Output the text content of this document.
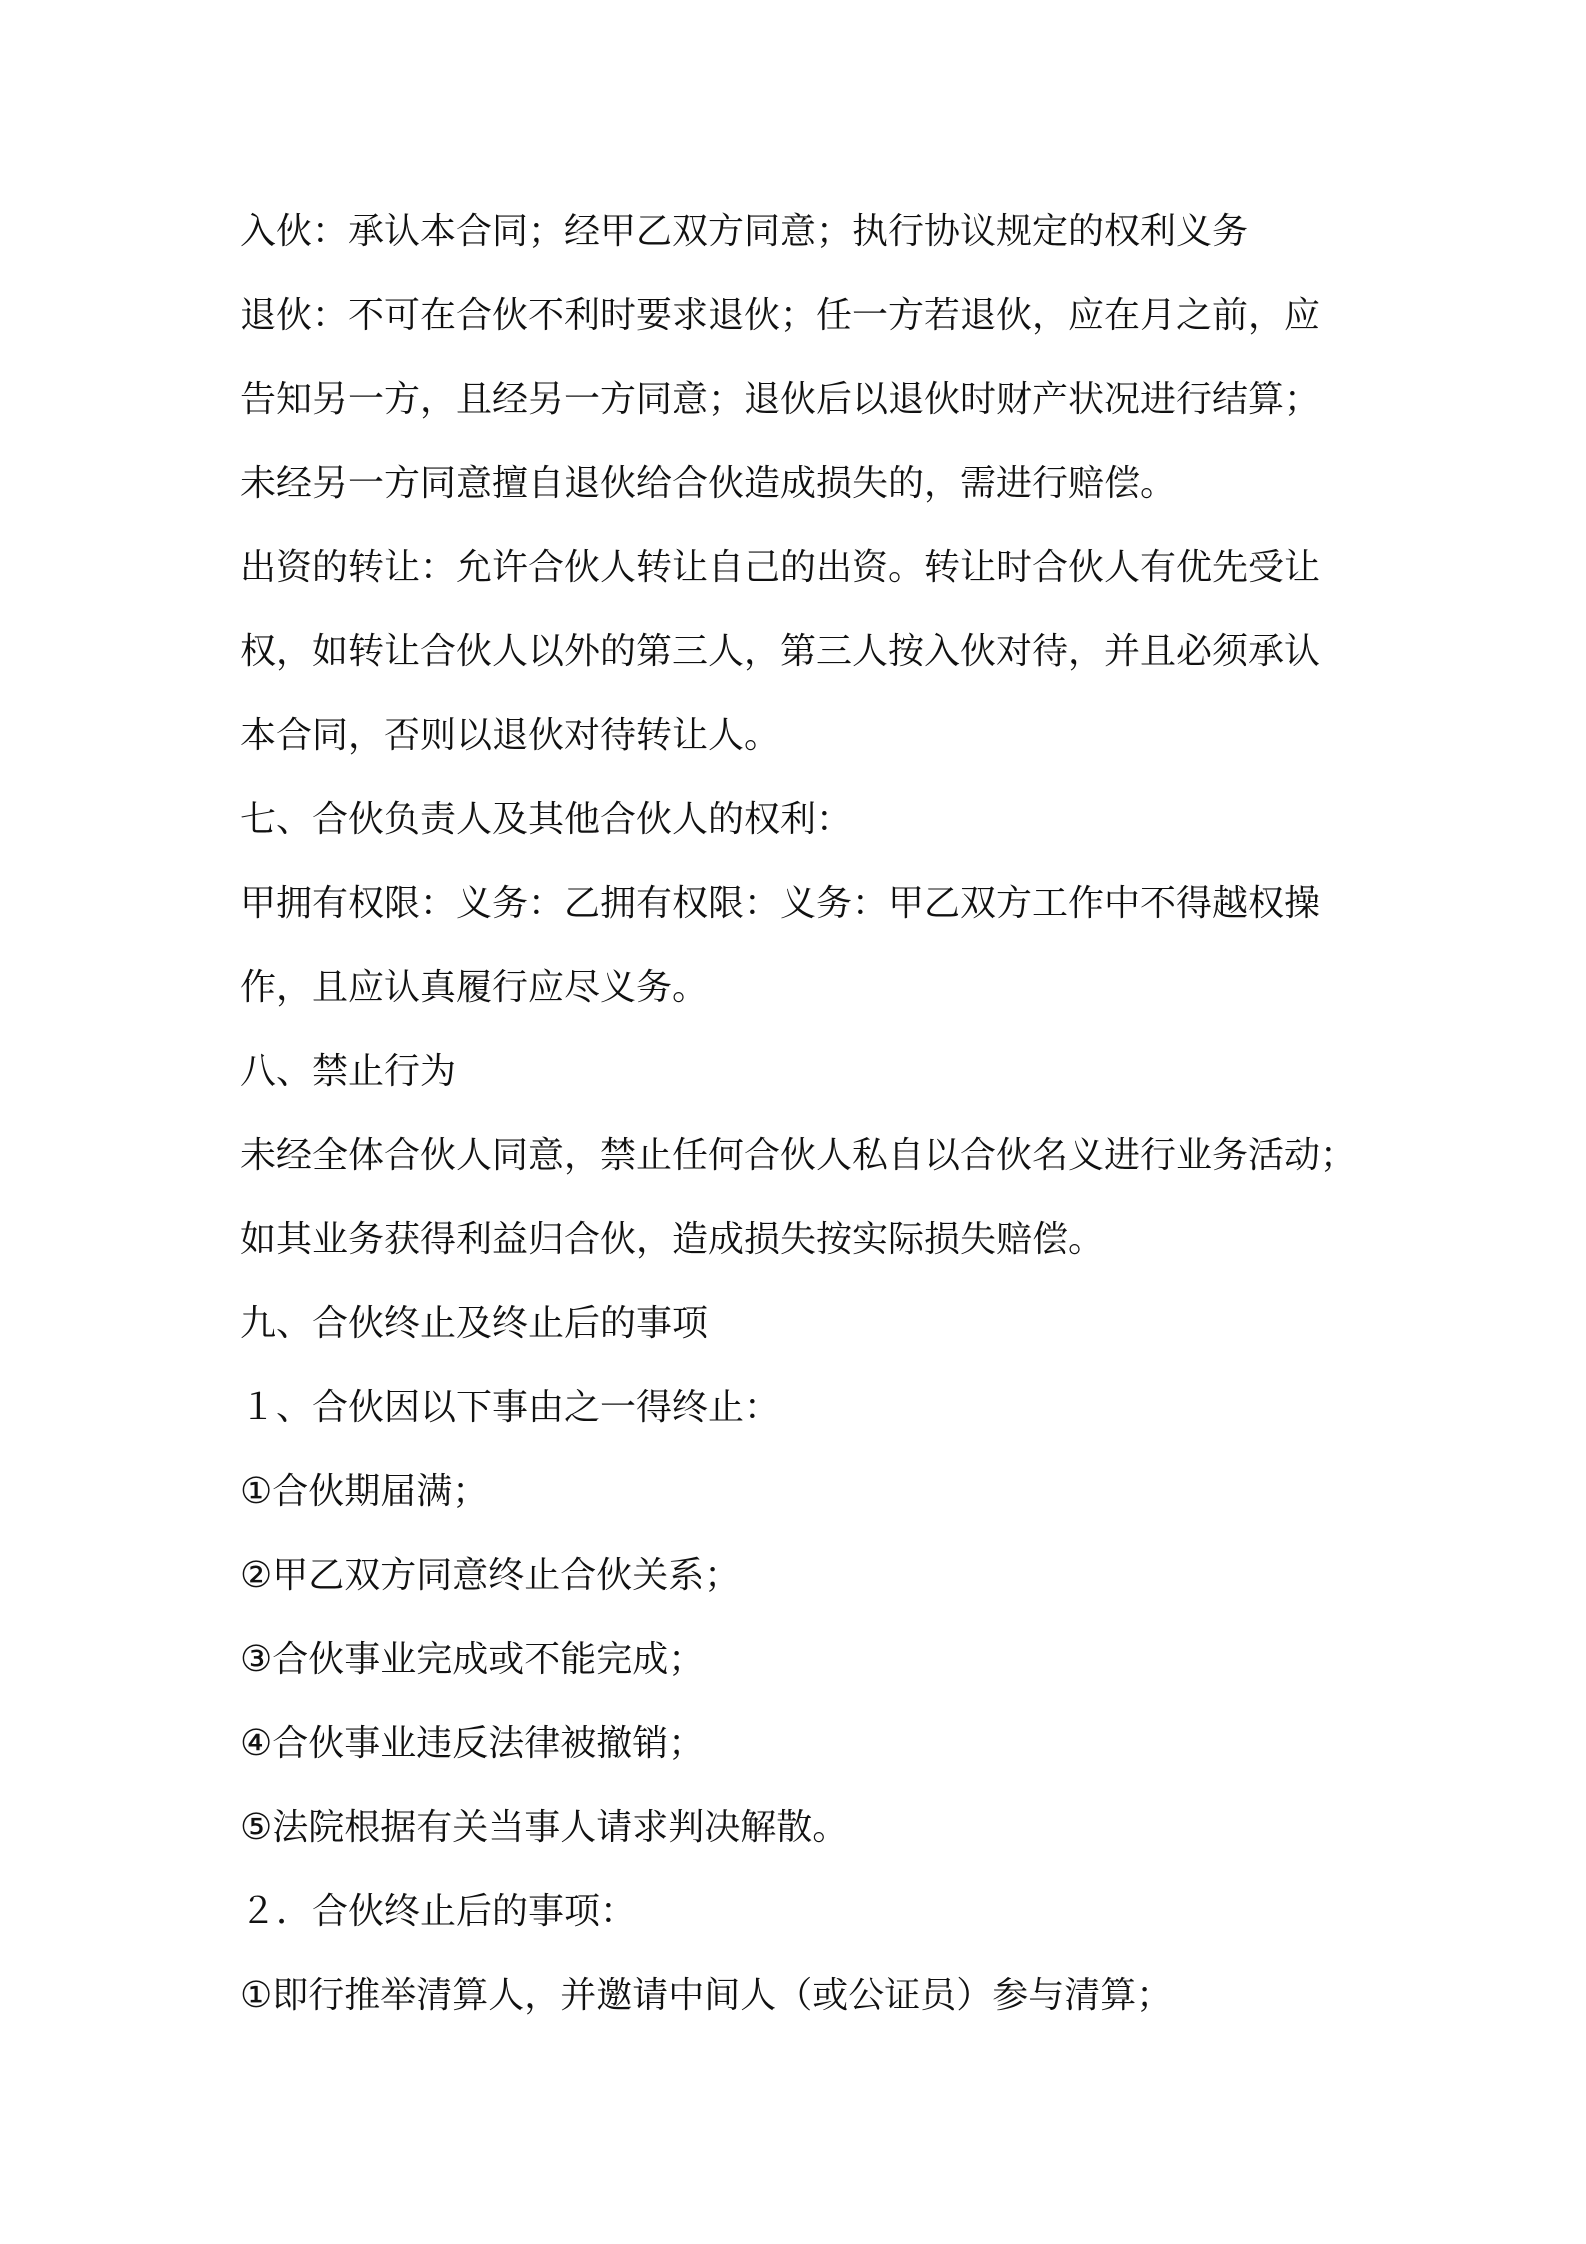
入伙：承认本合同；经甲乙双方同意；执行协议规定的权利义务
退伙：不可在合伙不利时要求退伙；任一方若退伙，应在月之前，应
告知另一方，且经另一方同意；退伙后以退伙时财产状况进行结算；
未经另一方同意擅自退伙给合伙造成损失的，需进行赔偿。
出资的转让：允许合伙人转让自己的出资。转让时合伙人有优先受让
权，如转让合伙人以外的第三人，第三人按入伙对待，并且必须承认
本合同，否则以退伙对待转让人。
七、合伙负责人及其他合伙人的权利：
甲拥有权限：义务：乙拥有权限：义务：甲乙双方工作中不得越权操
作，且应认真履行应尽义务。
八、禁止行为
未经全体合伙人同意，禁止任何合伙人私自以合伙名义进行业务活动；
如其业务获得利益归合伙，造成损失按实际损失赔偿。
九、合伙终止及终止后的事项
１、合伙因以下事由之一得终止：
①合伙期届满；
②甲乙双方同意终止合伙关系；
③合伙事业完成或不能完成；
④合伙事业违反法律被撤销；
⑤法院根据有关当事人请求判决解散。
２．合伙终止后的事项：
①即行推举清算人，并邀请中间人（或公证员）参与清算；
